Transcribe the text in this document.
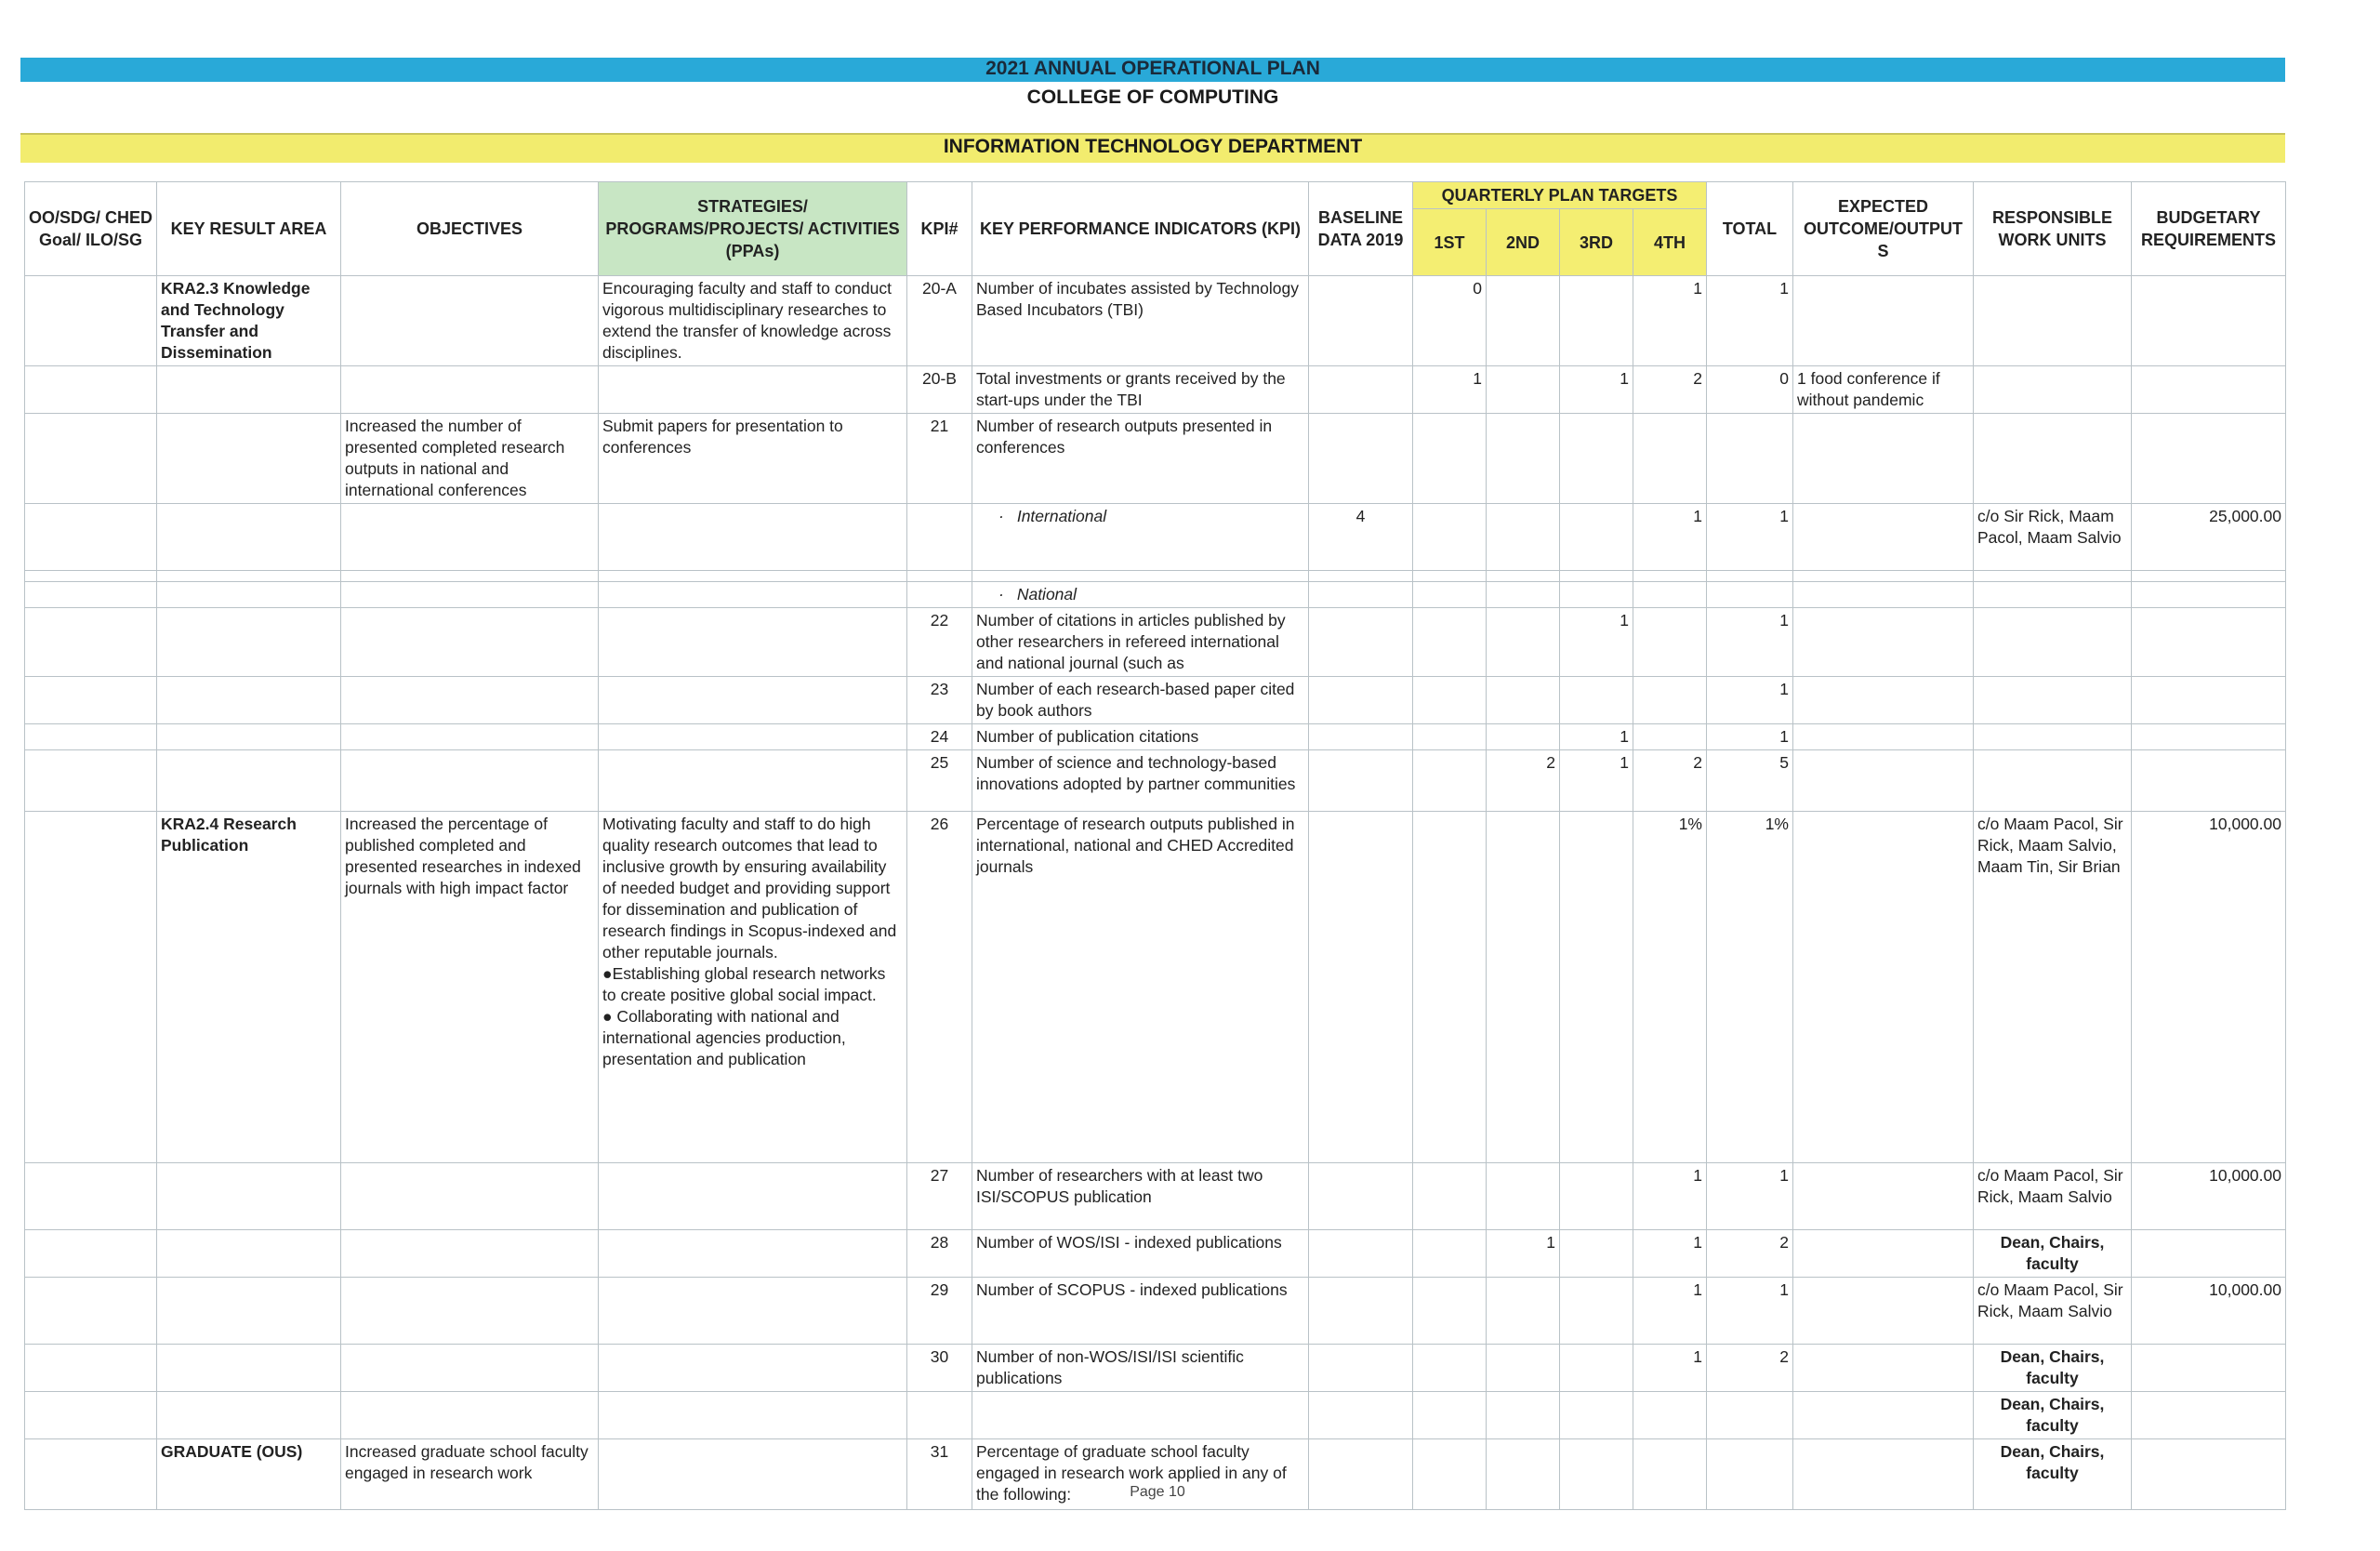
2021 ANNUAL OPERATIONAL PLAN
COLLEGE OF COMPUTING
INFORMATION TECHNOLOGY DEPARTMENT
OO/SDG/ CHED Goal/ ILO/SG	KEY RESULT AREA	OBJECTIVES	STRATEGIES/ PROGRAMS/PROJECTS/ ACTIVITIES (PPAs)	KPI#	KEY PERFORMANCE INDICATORS (KPI)	BASELINE DATA 2019	QUARTERLY PLAN TARGETS				TOTAL	EXPECTED OUTCOME/OUTPUT S	RESPONSIBLE WORK UNITS	BUDGETARY REQUIREMENTS
							1ST	2ND	3RD	4TH				
	KRA2.3 Knowledge and Technology Transfer and Dissemination		Encouraging faculty and staff to conduct vigorous multidisciplinary researches to extend the transfer of knowledge across disciplines.	20-A	Number of incubates assisted by Technology Based Incubators (TBI)		0			1	1			
				20-B	Total investments or grants received by the start-ups under the TBI		1		1	2	0	1 food conference if without pandemic		
		Increased the number of presented completed research outputs in national and international conferences	Submit papers for presentation to conferences	21	Number of research outputs presented in conferences									
					· International	4				1	1		c/o Sir Rick, Maam Pacol, Maam Salvio	25,000.00

					· National									
				22	Number of citations in articles published by other researchers in refereed international and national journal (such as				1		1			
				23	Number of each research-based paper cited by book authors						1			
				24	Number of publication citations				1		1			
				25	Number of science and technology-based innovations adopted by partner communities			2	1	2	5			
	KRA2.4 Research Publication	Increased the percentage of published completed and presented researches in indexed journals with high impact factor	Motivating faculty and staff to do high quality research outcomes that lead to inclusive growth by ensuring availability of needed budget and providing support for dissemination and publication of research findings in Scopus-indexed and other reputable journals.
●Establishing global research networks to create positive global social impact.
● Collaborating with national and international agencies production, presentation and publication	26	Percentage of research outputs published in international, national and CHED Accredited journals					1%	1%		c/o Maam Pacol, Sir Rick, Maam Salvio, Maam Tin, Sir Brian	10,000.00
				27	Number of researchers with at least two ISI/SCOPUS publication					1	1		c/o Maam Pacol, Sir Rick, Maam Salvio	10,000.00
				28	Number of WOS/ISI - indexed publications			1		1	2		Dean, Chairs, faculty	
				29	Number of SCOPUS - indexed publications					1	1		c/o Maam Pacol, Sir Rick, Maam Salvio	10,000.00
				30	Number of non-WOS/ISI/ISI scientific publications					1	2		Dean, Chairs, faculty	
													Dean, Chairs, faculty	
	GRADUATE (OUS)	Increased graduate school faculty engaged in research work		31	Percentage of graduate school faculty engaged in research work applied in any of the following:								Dean, Chairs, faculty	
Page 10
